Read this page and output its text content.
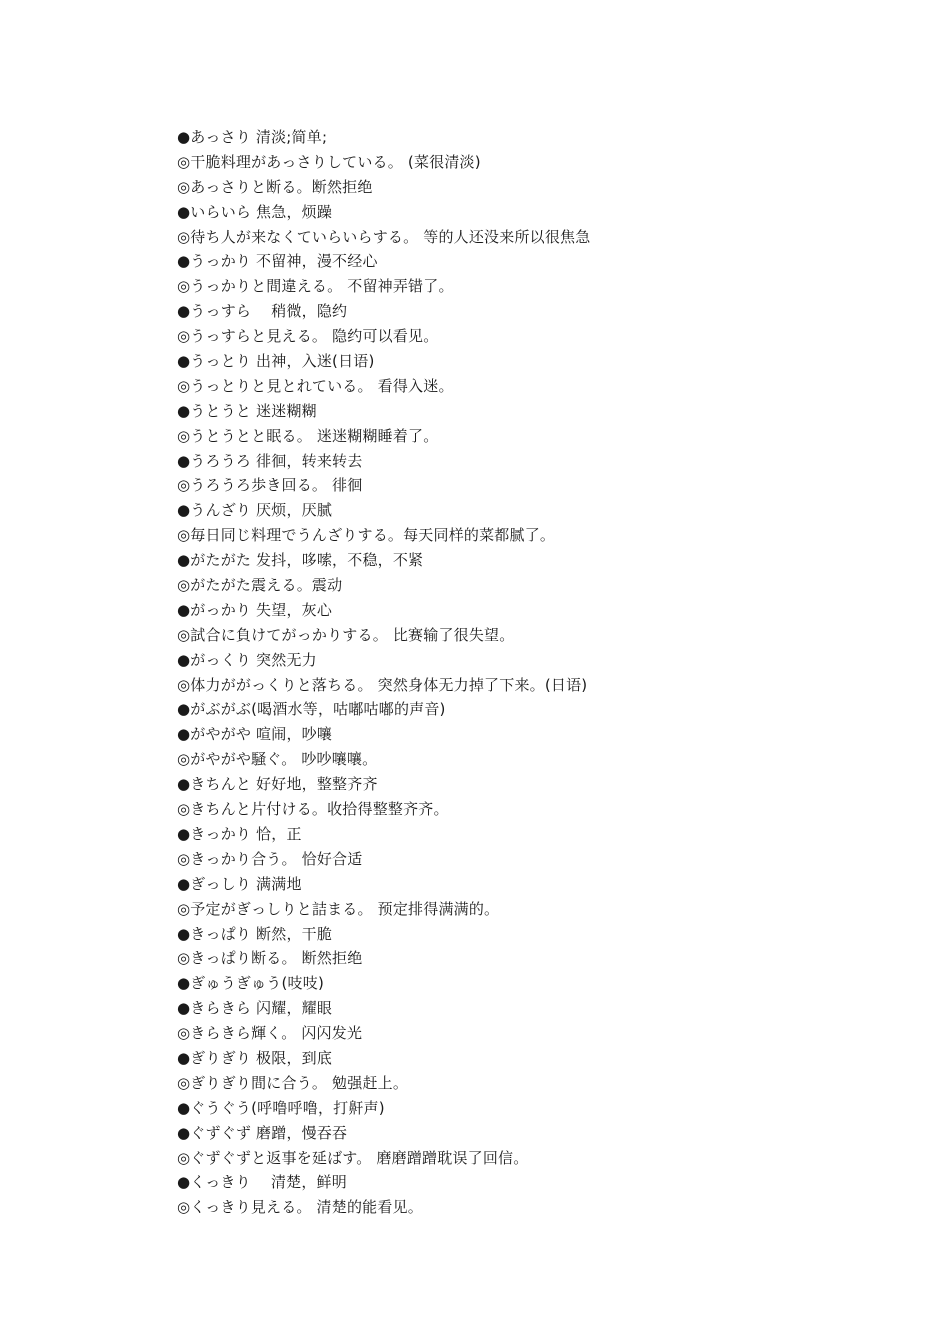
●あっさり 清淡;简单;
◎干脆料理があっさりしている。 (菜很清淡)
◎あっさりと断る。断然拒绝
●いらいら 焦急，烦躁
◎待ち人が来なくていらいらする。 等的人还没来所以很焦急
●うっかり 不留神，漫不经心
◎うっかりと間違える。 不留神弄错了。
●うっすら　 稍微，隐约
◎うっすらと見える。 隐约可以看见。
●うっとり 出神，入迷(日语)
◎うっとりと見とれている。 看得入迷。
●うとうと 迷迷糊糊
◎うとうとと眠る。 迷迷糊糊睡着了。
●うろうろ 徘徊，转来转去
◎うろうろ歩き回る。 徘徊
●うんざり 厌烦，厌腻
◎毎日同じ料理でうんざりする。每天同样的菜都腻了。
●がたがた 发抖，哆嗦，不稳，不紧
◎がたがた震える。震动
●がっかり 失望，灰心
◎試合に負けてがっかりする。 比赛输了很失望。
●がっくり 突然无力
◎体力ががっくりと落ちる。 突然身体无力掉了下来。(日语)
●がぶがぶ(喝酒水等，咕嘟咕嘟的声音)
●がやがや 喧闹，吵嚷
◎がやがや騒ぐ。 吵吵嚷嚷。
●きちんと 好好地，整整齐齐
◎きちんと片付ける。收拾得整整齐齐。
●きっかり 恰，正
◎きっかり合う。 恰好合适
●ぎっしり 满满地
◎予定がぎっしりと詰まる。 预定排得满满的。
●きっぱり 断然，干脆
◎きっぱり断る。 断然拒绝
●ぎゅうぎゅう(吱吱)
●きらきら 闪耀，耀眼
◎きらきら輝く。 闪闪发光
●ぎりぎり 极限，到底
◎ぎりぎり間に合う。 勉强赶上。
●ぐうぐう(呼噜呼噜，打鼾声)
●ぐずぐず 磨蹭，慢吞吞
◎ぐずぐずと返事を延ばす。 磨磨蹭蹭耽误了回信。
●くっきり　 清楚，鲜明
◎くっきり見える。 清楚的能看见。
